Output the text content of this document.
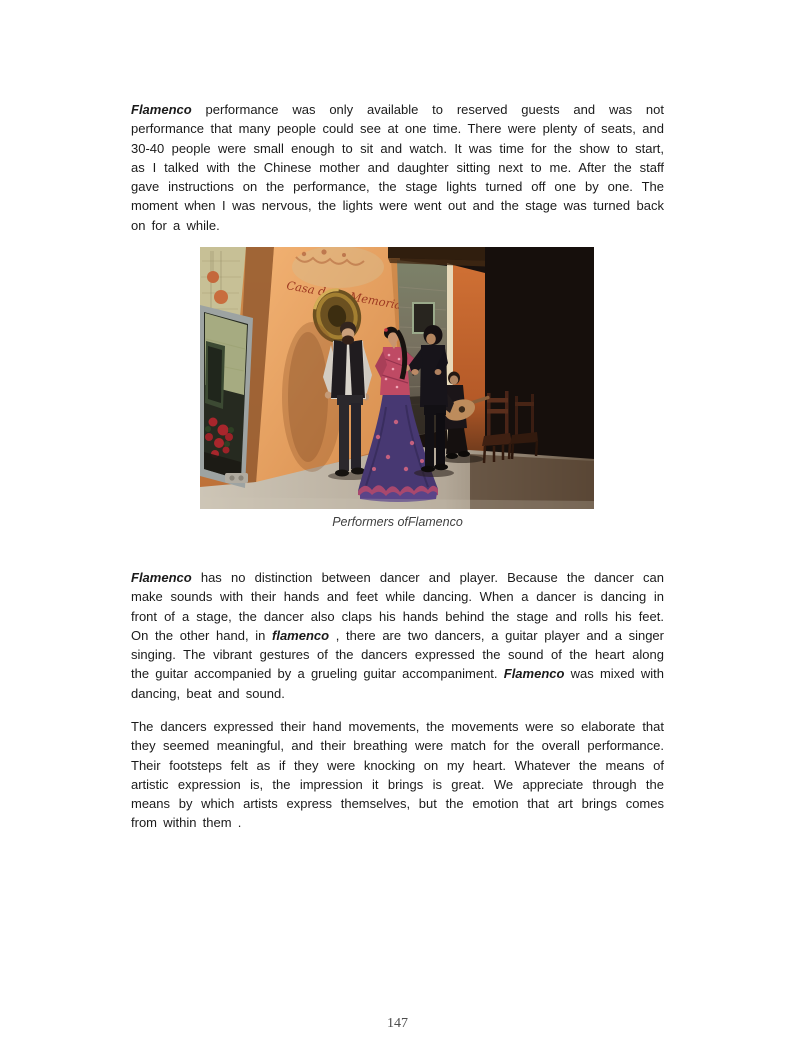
Flamenco performance was only available to reserved guests and was not performance that many people could see at one time. There were plenty of seats, and 30-40 people were small enough to sit and watch. It was time for the show to start, as I talked with the Chinese mother and daughter sitting next to me. After the staff gave instructions on the performance, the stage lights turned off one by one. The moment when I was nervous, the lights were went out and the stage was turned back on for a while.

Casa Memoria
Performers ofFlamenco

Flamenco has no distinction between dancer and player. Because the dancer can make sounds with their hands and feet while dancing. When a dancer is dancing in front of a stage, the dancer also claps his hands behind the stage and rolls his feet. On the other hand, in flamenco , there are two dancers, a guitar player and a singer singing. The vibrant gestures of the dancers expressed the sound of the heart along the guitar accompanied by a grueling guitar accompaniment. Flamenco was mixed with dancing, beat and sound.

The dancers expressed their hand movements, the movements were so elaborate that they seemed meaningful, and their breathing were match for the overall performance. Their footsteps felt as if they were knocking on my heart. Whatever the means of artistic expression is, the impression it brings is great. We appreciate through the means by which artists express themselves, but the emotion that art brings comes from within them .

147
